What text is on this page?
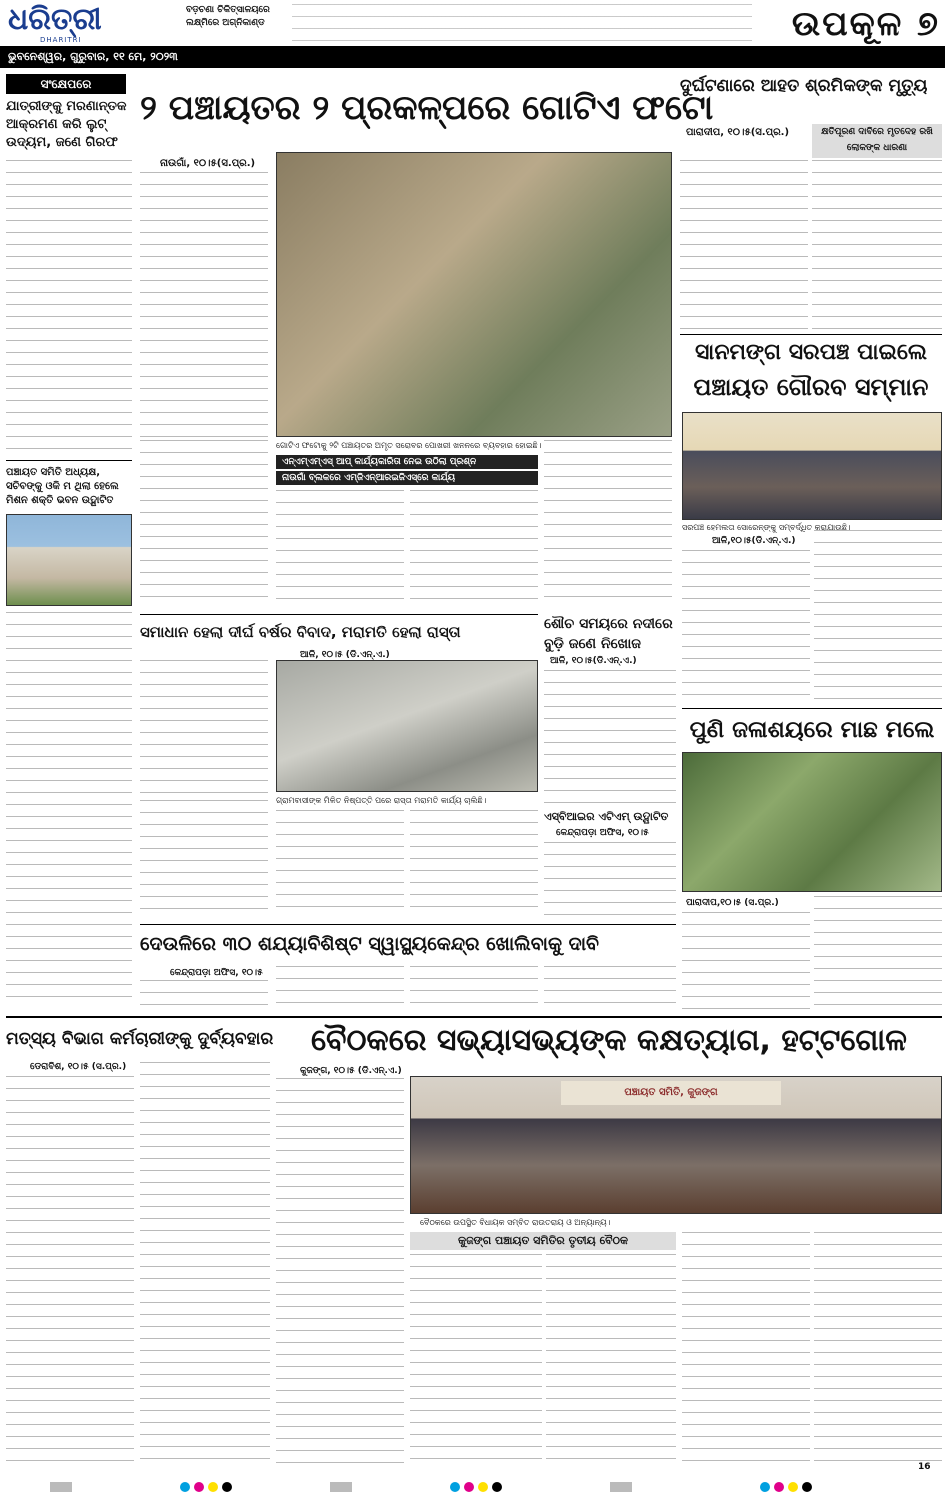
ଧରିତ୍ରୀ
DHARITRI
ବଡ଼ଚଣା ଚିକିତ୍ସାଳୟରେ ଲକ୍ଷ୍ମିରେ ଅଗ୍ନିକାଣ୍ଡ	ଉପକୂଳ ୭
ଭୁବନେଶ୍ୱର, ଗୁରୁବାର, ୧୧ ମେ, ୨୦୨୩
ସଂକ୍ଷେପରେ
ଯାତ୍ରୀଙ୍କୁ ମରଣାନ୍ତକ ଆକ୍ରମଣ କରି ଲୁଟ୍ ଉଦ୍ୟମ, ଜଣେ ଗିରଫ
ପଞ୍ଚାୟତ ସମିତି ଅଧ୍ୟକ୍ଷ, ସଚିବଙ୍କୁ ଓକି ମ ଥିଲା ହେଲେ ମିଶନ ଶକ୍ତି ଭବନ ଉଦ୍ଘାଟିତ
୨ ପଞ୍ଚାୟତର ୨ ପ୍ରକଳ୍ପରେ ଗୋଟିଏ ଫଟୋ
ନାଉଗାଁ, ୧୦।୫(ସ.ପ୍ର.)
ଗୋଟିଏ ଫଟୋକୁ ୨ଟି ପଞ୍ଚାୟତର ଅମୃତ ସରୋବର ପୋଖରୀ ଖନନରେ ବ୍ୟବହାର ହୋଇଛି।
ଏନ୍‌ଏମ୍‌ଏମ୍‌ଏସ୍ ଆପ୍ କାର୍ଯ୍ୟକାରିତା ନେଇ ଉଠିଲା ପ୍ରଶ୍ନ
ନାଉଗାଁ ବ୍ଲକରେ ଏମ୍‌ଜିଏନ୍‌ଆରଇଜିଏସ୍‌ରେ କାର୍ଯ୍ୟ
ଦୁର୍ଘଟଣାରେ ଆହତ ଶ୍ରମିକଙ୍କ ମୃତ୍ୟୁ
ପାରାଦୀପ, ୧୦।୫(ସ.ପ୍ର.)	କ୍ଷତିପୂରଣ ଦାବିରେ ମୃତଦେହ ରଖି ଲୋକଙ୍କ ଧାରଣା
ସାନମଙ୍ଗ ସରପଞ୍ଚ ପାଇଲେ
ପଞ୍ଚାୟତ ଗୌରବ ସମ୍ମାନ
ସରପଞ୍ଚ ହେମଲତା ସୋରେନ୍‌ଙ୍କୁ ସମ୍ବର୍ଦ୍ଧିତ କରାଯାଉଛି।
ଆଳି,୧୦।୫(ଡି.ଏନ୍.ଏ.)
ସମାଧାନ ହେଲା ଦୀର୍ଘ ବର୍ଷର ବିବାଦ, ମରାମତି ହେଲା ରାସ୍ତା
ଆଳି, ୧୦।୫ (ଡି.ଏନ୍.ଏ.)
ଗ୍ରାମବାସୀଙ୍କ ମିଳିତ ନିଷ୍ପତ୍ତି ପରେ ରାସ୍ତା ମରାମତି କାର୍ଯ୍ୟ ଚାଲିଛି।
ଶୌଚ ସମୟରେ ନଦୀରେ ବୁଡ଼ି ଜଣେ ନିଖୋଜ
ଆଳି, ୧୦।୫(ଡି.ଏନ୍.ଏ.)
ଏସ୍‌ବିଆଇର ଏଟିଏମ୍ ଉଦ୍ଘାଟିତ
କେନ୍ଦ୍ରାପଡ଼ା ଅଫିସ, ୧୦।୫
ପୁଣି ଜଳାଶୟରେ ମାଛ ମଲେ
ପାରାଦୀପ,୧୦।୫ (ସ.ପ୍ର.)
ଦେଉଳିରେ ୩୦ ଶଯ୍ୟାବିଶିଷ୍ଟ ସ୍ୱାସ୍ଥ୍ୟକେନ୍ଦ୍ର ଖୋଲିବାକୁ ଦାବି
କେନ୍ଦ୍ରାପଡ଼ା ଅଫିସ, ୧୦।୫
ମତ୍ସ୍ୟ ବିଭାଗ କର୍ମଚାରୀଙ୍କୁ ଦୁର୍ବ୍ୟବହାର
ଡେରାବିଶ, ୧୦।୫ (ସ.ପ୍ର.)
ବୈଠକରେ ସଭ୍ୟାସଭ୍ୟଙ୍କ କକ୍ଷତ୍ୟାଗ, ହଟ୍ଟଗୋଳ
କୁଜଙ୍ଗ, ୧୦।୫ (ଡି.ଏନ୍.ଏ.)
ପଞ୍ଚାୟତ ସମିତି, କୁଜଙ୍ଗ
ବୈଠକରେ ଉପସ୍ଥିତ ବିଧାୟକ ସମ୍ବିତ ରାଉତରାୟ ଓ ଅନ୍ୟାନ୍ୟ।
କୁଜଙ୍ଗ ପଞ୍ଚାୟତ ସମିତିର ତୃତୀୟ ବୈଠକ
16
